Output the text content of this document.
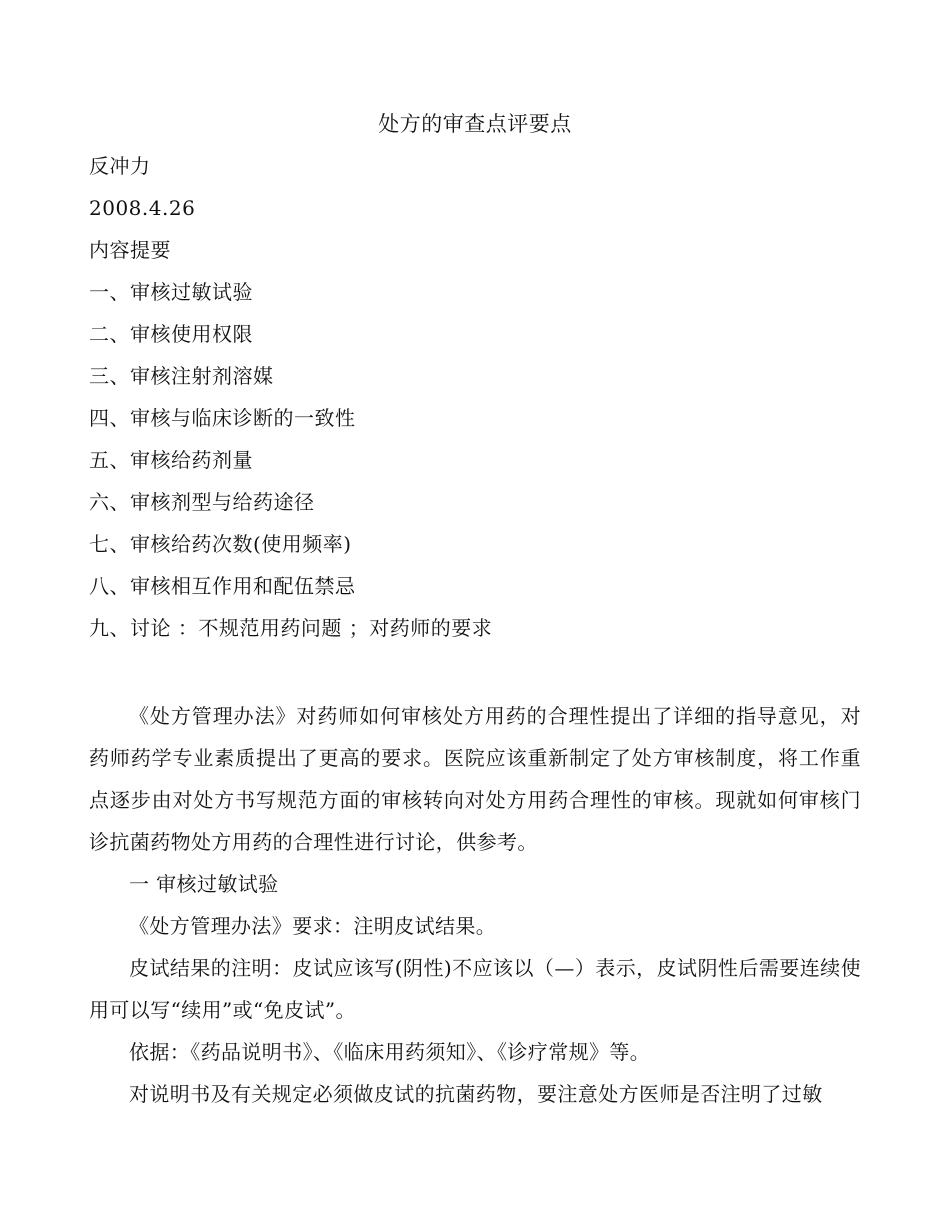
处方的审查点评要点
反冲力
2008.4.26
内容提要
一、审核过敏试验
二、审核使用权限
三、审核注射剂溶媒
四、审核与临床诊断的一致性
五、审核给药剂量
六、审核剂型与给药途径
七、审核给药次数(使用频率)
八、审核相互作用和配伍禁忌
九、讨论 ：不规范用药问题 ；对药师的要求

《处方管理办法》对药师如何审核处方用药的合理性提出了详细的指导意见，对药师药学专业素质提出了更高的要求。医院应该重新制定了处方审核制度，将工作重点逐步由对处方书写规范方面的审核转向对处方用药合理性的审核。现就如何审核门诊抗菌药物处方用药的合理性进行讨论，供参考。

一 审核过敏试验

《处方管理办法》要求：注明皮试结果。

皮试结果的注明：皮试应该写(阴性)不应该以（—）表示，皮试阴性后需要连续使用可以写“续用”或“免皮试”。

依据：《药品说明书》、《临床用药须知》、《诊疗常规》等。

对说明书及有关规定必须做皮试的抗菌药物，要注意处方医师是否注明了过敏
